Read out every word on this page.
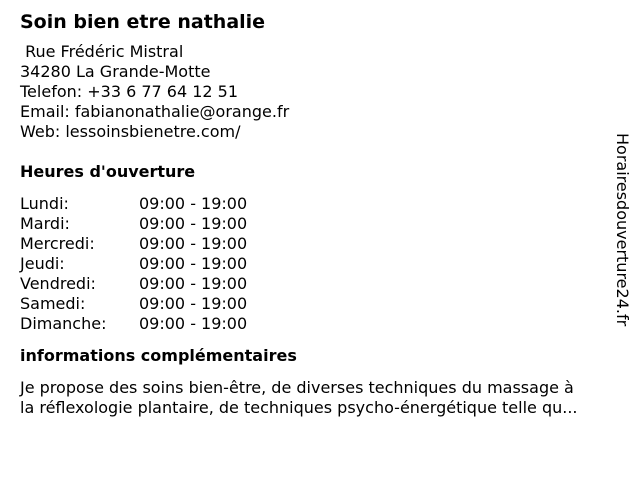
Soin bien etre nathalie
Rue Frédéric Mistral
34280 La Grande-Motte
Telefon: +33 6 77 64 12 51
Email: fabianonathalie@orange.fr
Web: lessoinsbienetre.com/
Heures d'ouverture
Lundi:	09:00 - 19:00
Mardi:	09:00 - 19:00
Mercredi:	09:00 - 19:00
Jeudi:	09:00 - 19:00
Vendredi:	09:00 - 19:00
Samedi:	09:00 - 19:00
Dimanche:	09:00 - 19:00
informations complémentaires
Je propose des soins bien-être, de diverses techniques du massage à
la réflexologie plantaire, de techniques psycho-énergétique telle qu...
Horairesdouverture24.fr
